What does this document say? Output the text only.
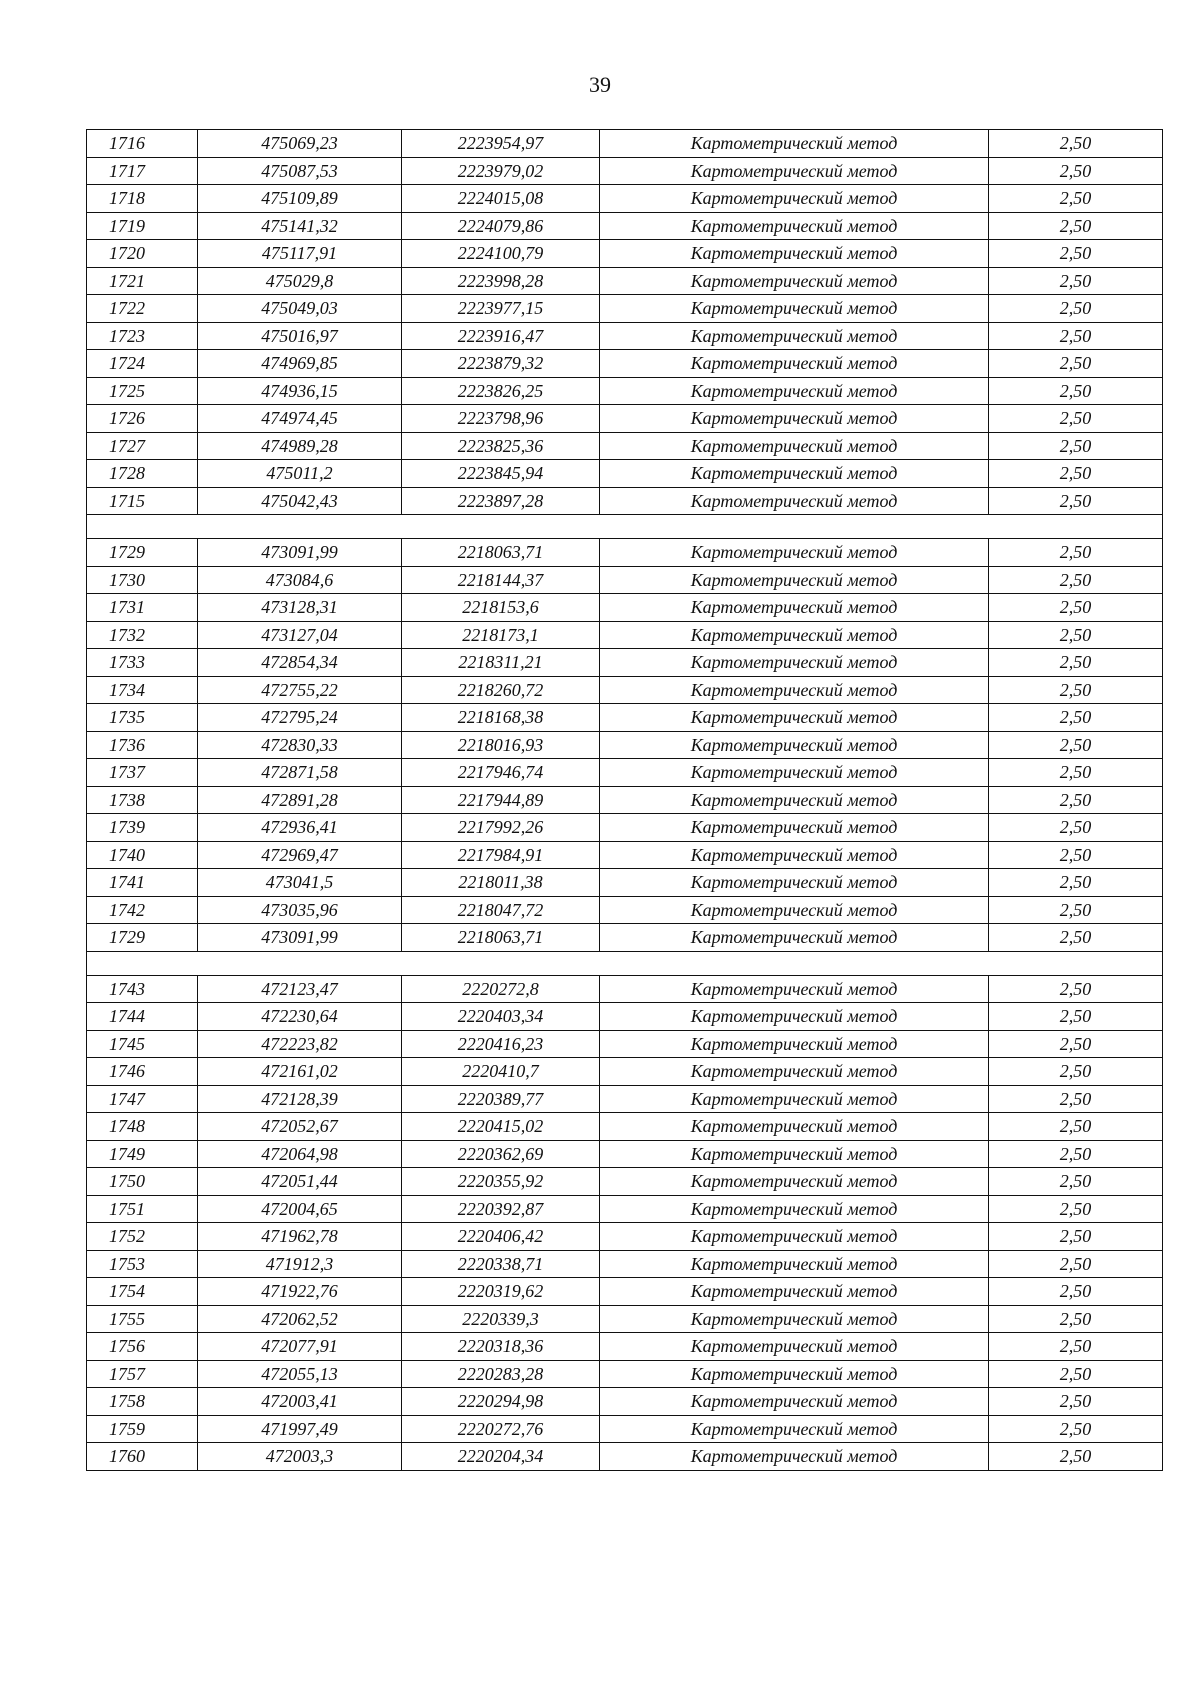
39
1716	475069,23	2223954,97	Картометрический метод	2,50
1717	475087,53	2223979,02	Картометрический метод	2,50
1718	475109,89	2224015,08	Картометрический метод	2,50
1719	475141,32	2224079,86	Картометрический метод	2,50
1720	475117,91	2224100,79	Картометрический метод	2,50
1721	475029,8	2223998,28	Картометрический метод	2,50
1722	475049,03	2223977,15	Картометрический метод	2,50
1723	475016,97	2223916,47	Картометрический метод	2,50
1724	474969,85	2223879,32	Картометрический метод	2,50
1725	474936,15	2223826,25	Картометрический метод	2,50
1726	474974,45	2223798,96	Картометрический метод	2,50
1727	474989,28	2223825,36	Картометрический метод	2,50
1728	475011,2	2223845,94	Картометрический метод	2,50
1715	475042,43	2223897,28	Картометрический метод	2,50

1729	473091,99	2218063,71	Картометрический метод	2,50
1730	473084,6	2218144,37	Картометрический метод	2,50
1731	473128,31	2218153,6	Картометрический метод	2,50
1732	473127,04	2218173,1	Картометрический метод	2,50
1733	472854,34	2218311,21	Картометрический метод	2,50
1734	472755,22	2218260,72	Картометрический метод	2,50
1735	472795,24	2218168,38	Картометрический метод	2,50
1736	472830,33	2218016,93	Картометрический метод	2,50
1737	472871,58	2217946,74	Картометрический метод	2,50
1738	472891,28	2217944,89	Картометрический метод	2,50
1739	472936,41	2217992,26	Картометрический метод	2,50
1740	472969,47	2217984,91	Картометрический метод	2,50
1741	473041,5	2218011,38	Картометрический метод	2,50
1742	473035,96	2218047,72	Картометрический метод	2,50
1729	473091,99	2218063,71	Картометрический метод	2,50

1743	472123,47	2220272,8	Картометрический метод	2,50
1744	472230,64	2220403,34	Картометрический метод	2,50
1745	472223,82	2220416,23	Картометрический метод	2,50
1746	472161,02	2220410,7	Картометрический метод	2,50
1747	472128,39	2220389,77	Картометрический метод	2,50
1748	472052,67	2220415,02	Картометрический метод	2,50
1749	472064,98	2220362,69	Картометрический метод	2,50
1750	472051,44	2220355,92	Картометрический метод	2,50
1751	472004,65	2220392,87	Картометрический метод	2,50
1752	471962,78	2220406,42	Картометрический метод	2,50
1753	471912,3	2220338,71	Картометрический метод	2,50
1754	471922,76	2220319,62	Картометрический метод	2,50
1755	472062,52	2220339,3	Картометрический метод	2,50
1756	472077,91	2220318,36	Картометрический метод	2,50
1757	472055,13	2220283,28	Картометрический метод	2,50
1758	472003,41	2220294,98	Картометрический метод	2,50
1759	471997,49	2220272,76	Картометрический метод	2,50
1760	472003,3	2220204,34	Картометрический метод	2,50
